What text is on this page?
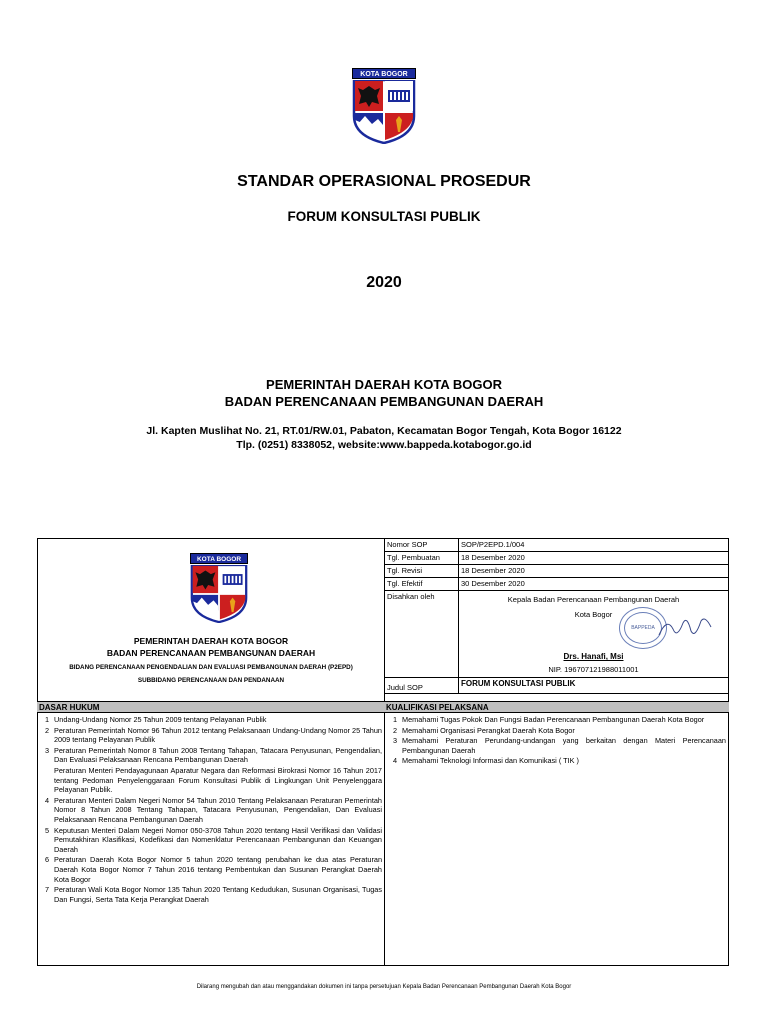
KOTA BOGOR
STANDAR OPERASIONAL PROSEDUR
FORUM KONSULTASI PUBLIK
2020
PEMERINTAH DAERAH KOTA BOGOR
BADAN PERENCANAAN PEMBANGUNAN DAERAH
Jl. Kapten Muslihat No. 21, RT.01/RW.01, Pabaton, Kecamatan Bogor Tengah, Kota Bogor 16122
Tlp. (0251) 8338052, website:www.bappeda.kotabogor.go.id
KOTA BOGOR
PEMERINTAH DAERAH KOTA BOGOR
BADAN PERENCANAAN PEMBANGUNAN DAERAH
BIDANG PERENCANAAN PENGENDALIAN DAN EVALUASI PEMBANGUNAN DAERAH (P2EPD)
SUBBIDANG PERENCANAAN DAN PENDANAAN
Nomor SOP	SOP/P2EPD.1/004
Tgl. Pembuatan	18 Desember 2020
Tgl. Revisi	18 Desember 2020
Tgl. Efektif	30 Desember 2020
Disahkan oleh	Kepala Badan Perencanaan Pembangunan Daerah
Kota Bogor
BAPPEDA
Drs. Hanafi, Msi
NIP. 196707121988011001

Judul SOP	FORUM KONSULTASI PUBLIK
DASAR HUKUM	KUALIFIKASI PELAKSANA
1 Undang-Undang Nomor 25 Tahun 2009 tentang Pelayanan Publik
2 Peraturan Pemerintah Nomor 96 Tahun 2012 tentang Pelaksanaan Undang-Undang Nomor 25 Tahun 2009 tentang Pelayanan Publik
3 Peraturan Pemerintah Nomor 8 Tahun 2008 Tentang Tahapan, Tatacara Penyusunan, Pengendalian, Dan Evaluasi Pelaksanaan Rencana Pembangunan Daerah
Peraturan Menteri Pendayagunaan Aparatur Negara dan Reformasi Birokrasi Nomor 16 Tahun 2017 tentang Pedoman Penyelenggaraan Forum Konsultasi Publik di Lingkungan Unit Penyelenggara Pelayanan Publik.
4 Peraturan Menteri Dalam Negeri Nomor 54 Tahun 2010 Tentang Pelaksanaan Peraturan Pemerintah Nomor 8 Tahun 2008 Tentang Tahapan, Tatacara Penyusunan, Pengendalian, Dan Evaluasi Pelaksanaan Rencana Pembangunan Daerah
5 Keputusan Menteri Dalam Negeri Nomor 050-3708 Tahun 2020 tentang Hasil Verifikasi dan Validasi Pemutakhiran Klasifikasi, Kodefikasi dan Nomenklatur Perencanaan Pembangunan dan Keuangan Daerah
6 Peraturan Daerah Kota Bogor Nomor 5 tahun 2020 tentang perubahan ke dua atas Peraturan Daerah Kota Bogor Nomor 7 Tahun 2016 tentang Pembentukan dan Susunan Perangkat Daerah Kota Bogor
7 Peraturan Wali Kota Bogor Nomor 135 Tahun 2020 Tentang Kedudukan, Susunan Organisasi, Tugas Dan Fungsi, Serta Tata Kerja Perangkat Daerah
1 Memahami Tugas Pokok Dan Fungsi Badan Perencanaan Pembangunan Daerah Kota Bogor
2 Memahami Organisasi Perangkat Daerah Kota Bogor
3 Memahami Peraturan Perundang-undangan yang berkaitan dengan Materi Perencanaan Pembangunan Daerah
4 Memahami Teknologi Informasi dan Komunikasi ( TIK )
Dilarang mengubah dan atau menggandakan dokumen ini tanpa persetujuan Kepala Badan Perencanaan Pembangunan Daerah Kota Bogor
